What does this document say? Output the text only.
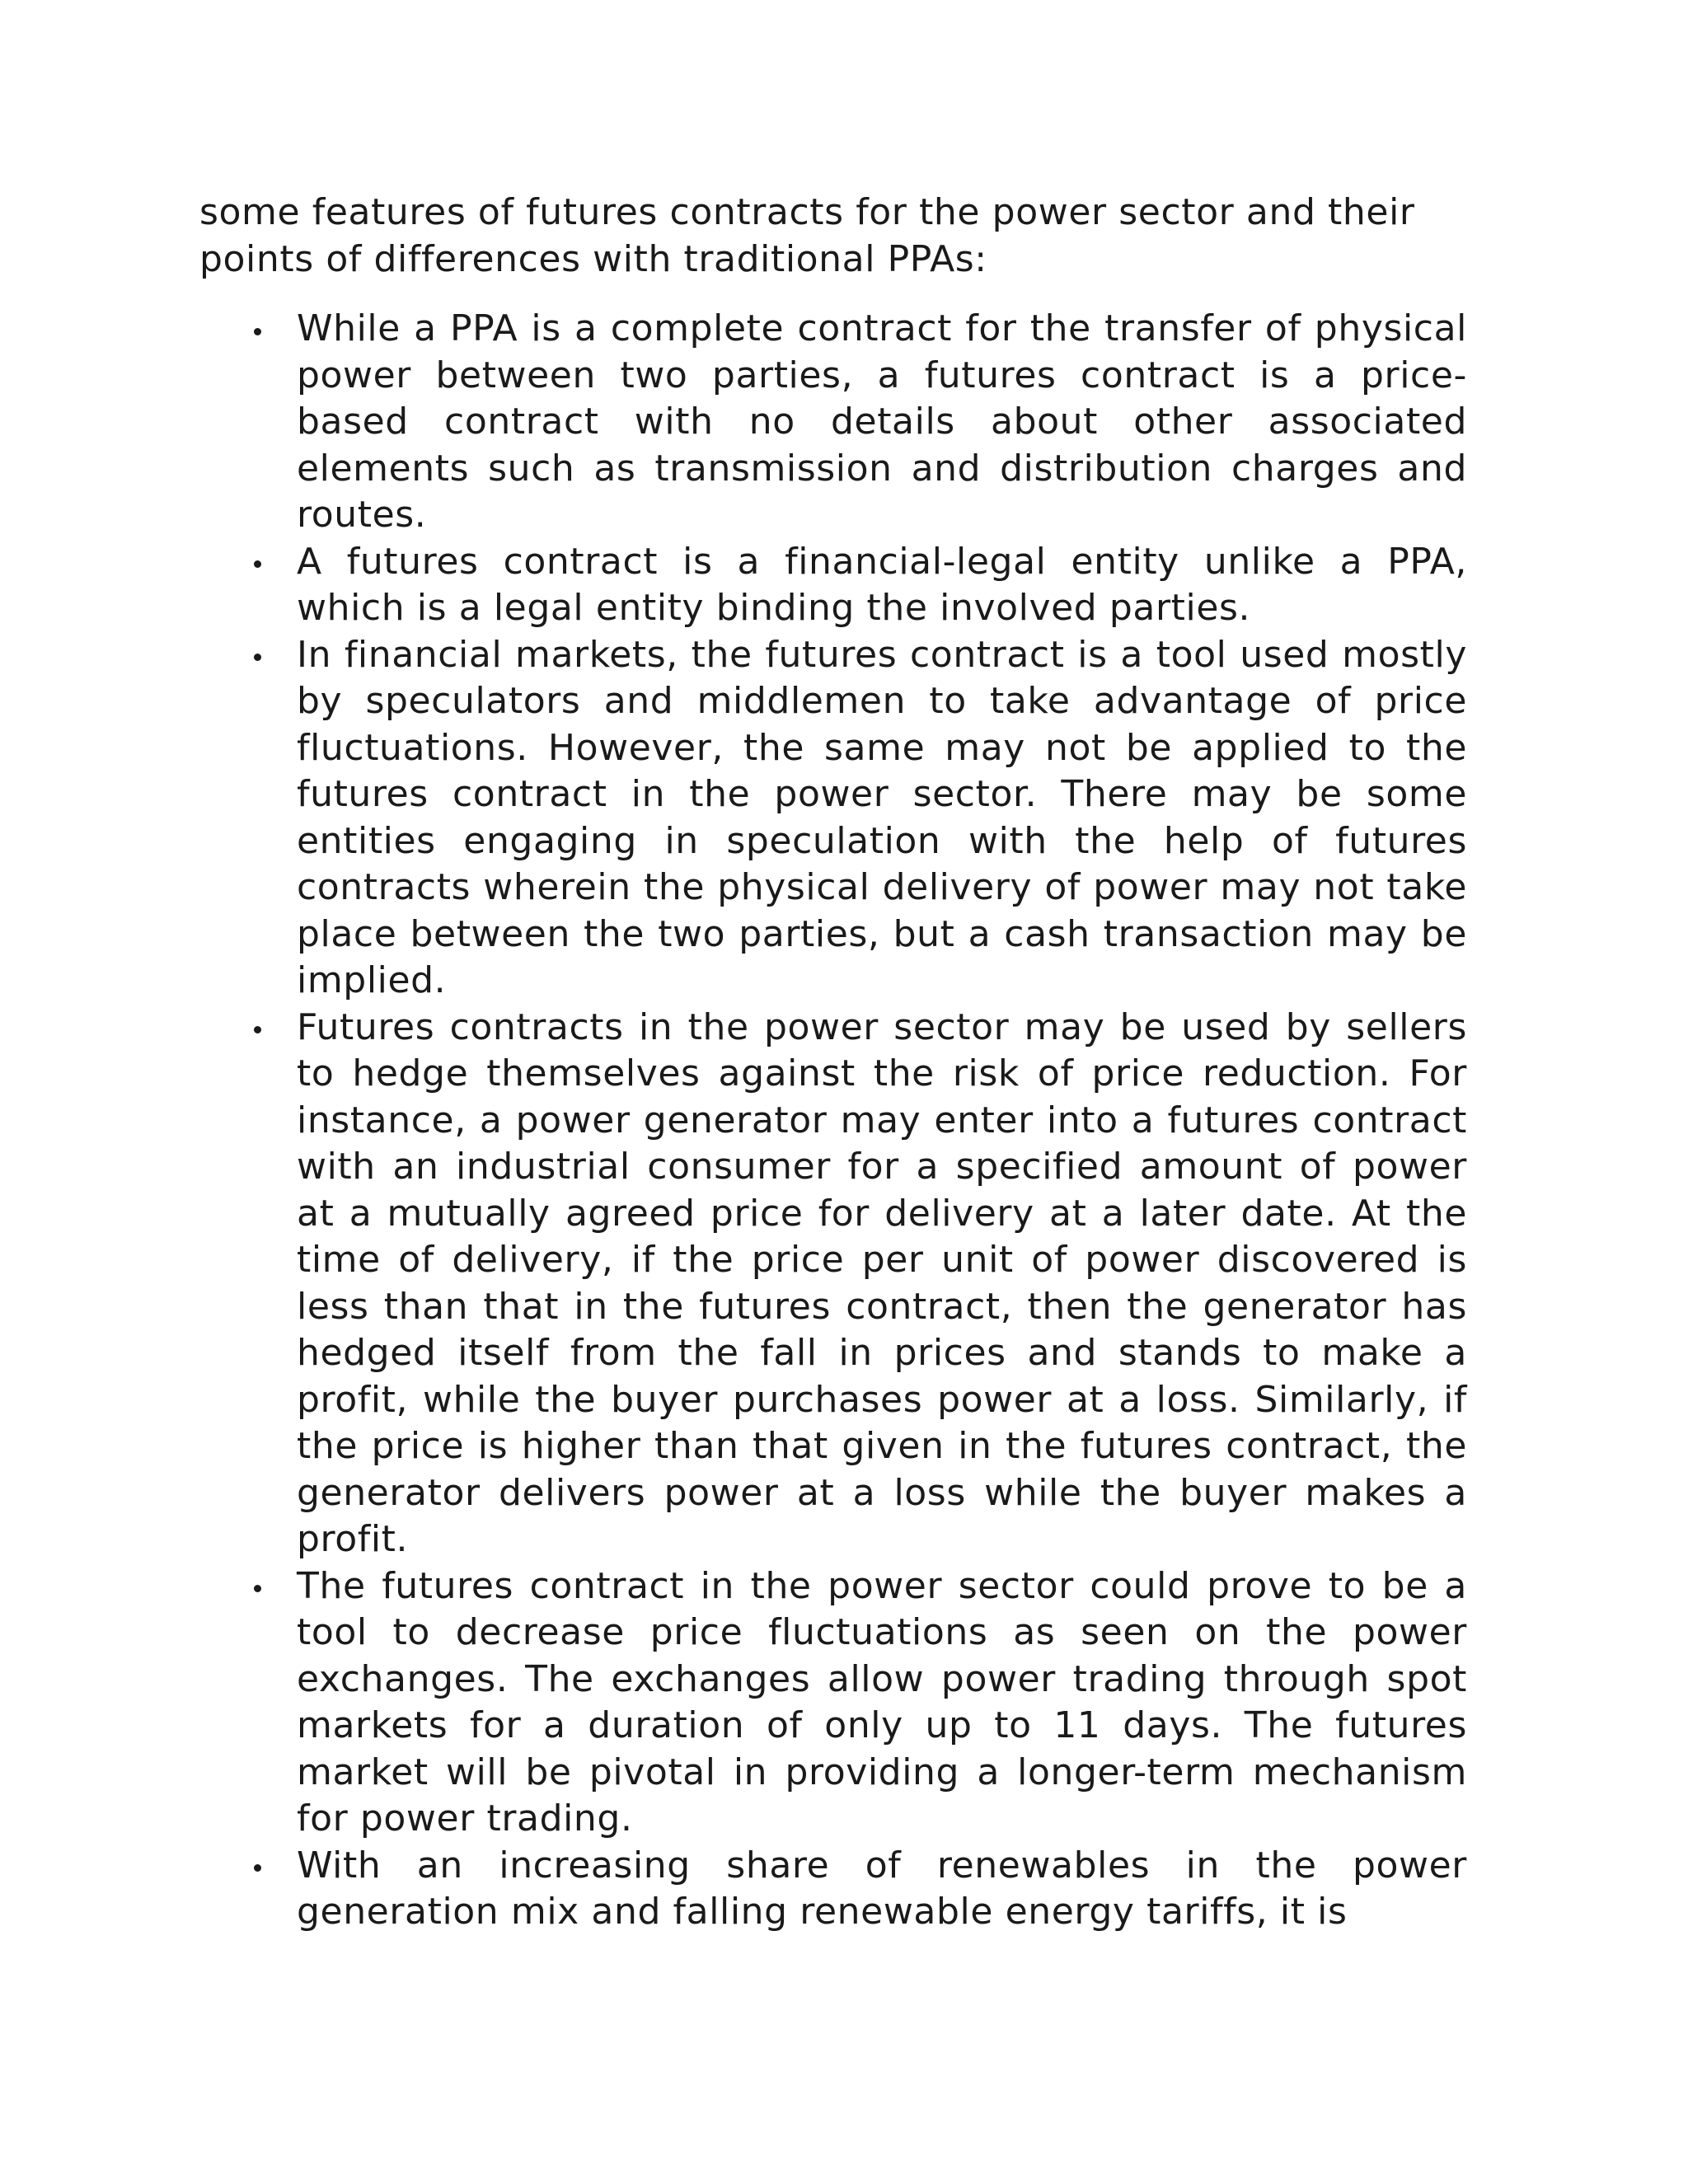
some features of futures contracts for the power sector and their points of differences with traditional PPAs:

While a PPA is a complete contract for the transfer of physical power between two parties, a futures contract is a price-based contract with no details about other associated elements such as transmission and distribution charges and routes.
A futures contract is a financial-legal entity unlike a PPA, which is a legal entity binding the involved parties.
In financial markets, the futures contract is a tool used mostly by speculators and middlemen to take advantage of price fluctuations. However, the same may not be applied to the futures contract in the power sector. There may be some entities engaging in speculation with the help of futures contracts wherein the physical delivery of power may not take place between the two parties, but a cash transaction may be implied.
Futures contracts in the power sector may be used by sellers to hedge themselves against the risk of price reduction. For instance, a power generator may enter into a futures contract with an industrial consumer for a specified amount of power at a mutually agreed price for delivery at a later date. At the time of delivery, if the price per unit of power discovered is less than that in the futures contract, then the generator has hedged itself from the fall in prices and stands to make a profit, while the buyer purchases power at a loss. Similarly, if the price is higher than that given in the futures contract, the generator delivers power at a loss while the buyer makes a profit.
The futures contract in the power sector could prove to be a tool to decrease price fluctuations as seen on the power exchanges. The exchanges allow power trading through spot markets for a duration of only up to 11 days. The futures market will be pivotal in providing a longer-term mechanism for power trading.
With an increasing share of renewables in the power generation mix and falling renewable energy tariffs, it is
